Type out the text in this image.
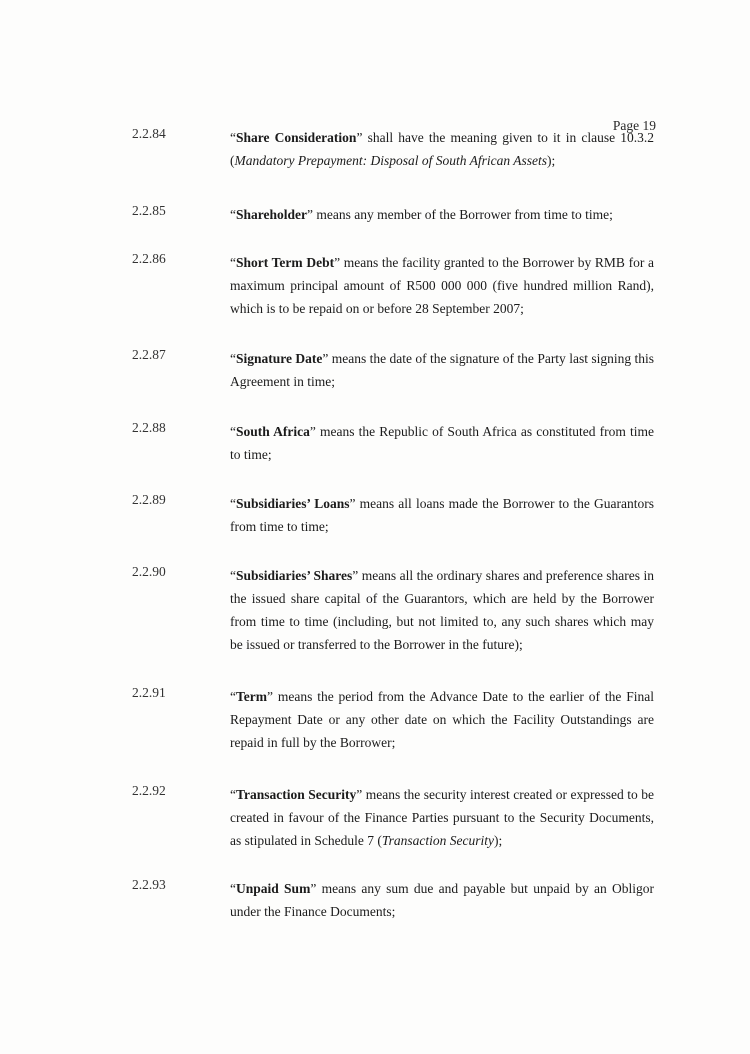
Page 19
2.2.84	“Share Consideration” shall have the meaning given to it in clause 10.3.2 (Mandatory Prepayment: Disposal of South African Assets);
2.2.85	“Shareholder” means any member of the Borrower from time to time;
2.2.86	“Short Term Debt” means the facility granted to the Borrower by RMB for a maximum principal amount of R500 000 000 (five hundred million Rand), which is to be repaid on or before 28 September 2007;
2.2.87	“Signature Date” means the date of the signature of the Party last signing this Agreement in time;
2.2.88	“South Africa” means the Republic of South Africa as constituted from time to time;
2.2.89	“Subsidiaries’ Loans” means all loans made the Borrower to the Guarantors from time to time;
2.2.90	“Subsidiaries’ Shares” means all the ordinary shares and preference shares in the issued share capital of the Guarantors, which are held by the Borrower from time to time (including, but not limited to, any such shares which may be issued or transferred to the Borrower in the future);
2.2.91	“Term” means the period from the Advance Date to the earlier of the Final Repayment Date or any other date on which the Facility Outstandings are repaid in full by the Borrower;
2.2.92	“Transaction Security” means the security interest created or expressed to be created in favour of the Finance Parties pursuant to the Security Documents, as stipulated in Schedule 7 (Transaction Security);
2.2.93	“Unpaid Sum” means any sum due and payable but unpaid by an Obligor under the Finance Documents;
